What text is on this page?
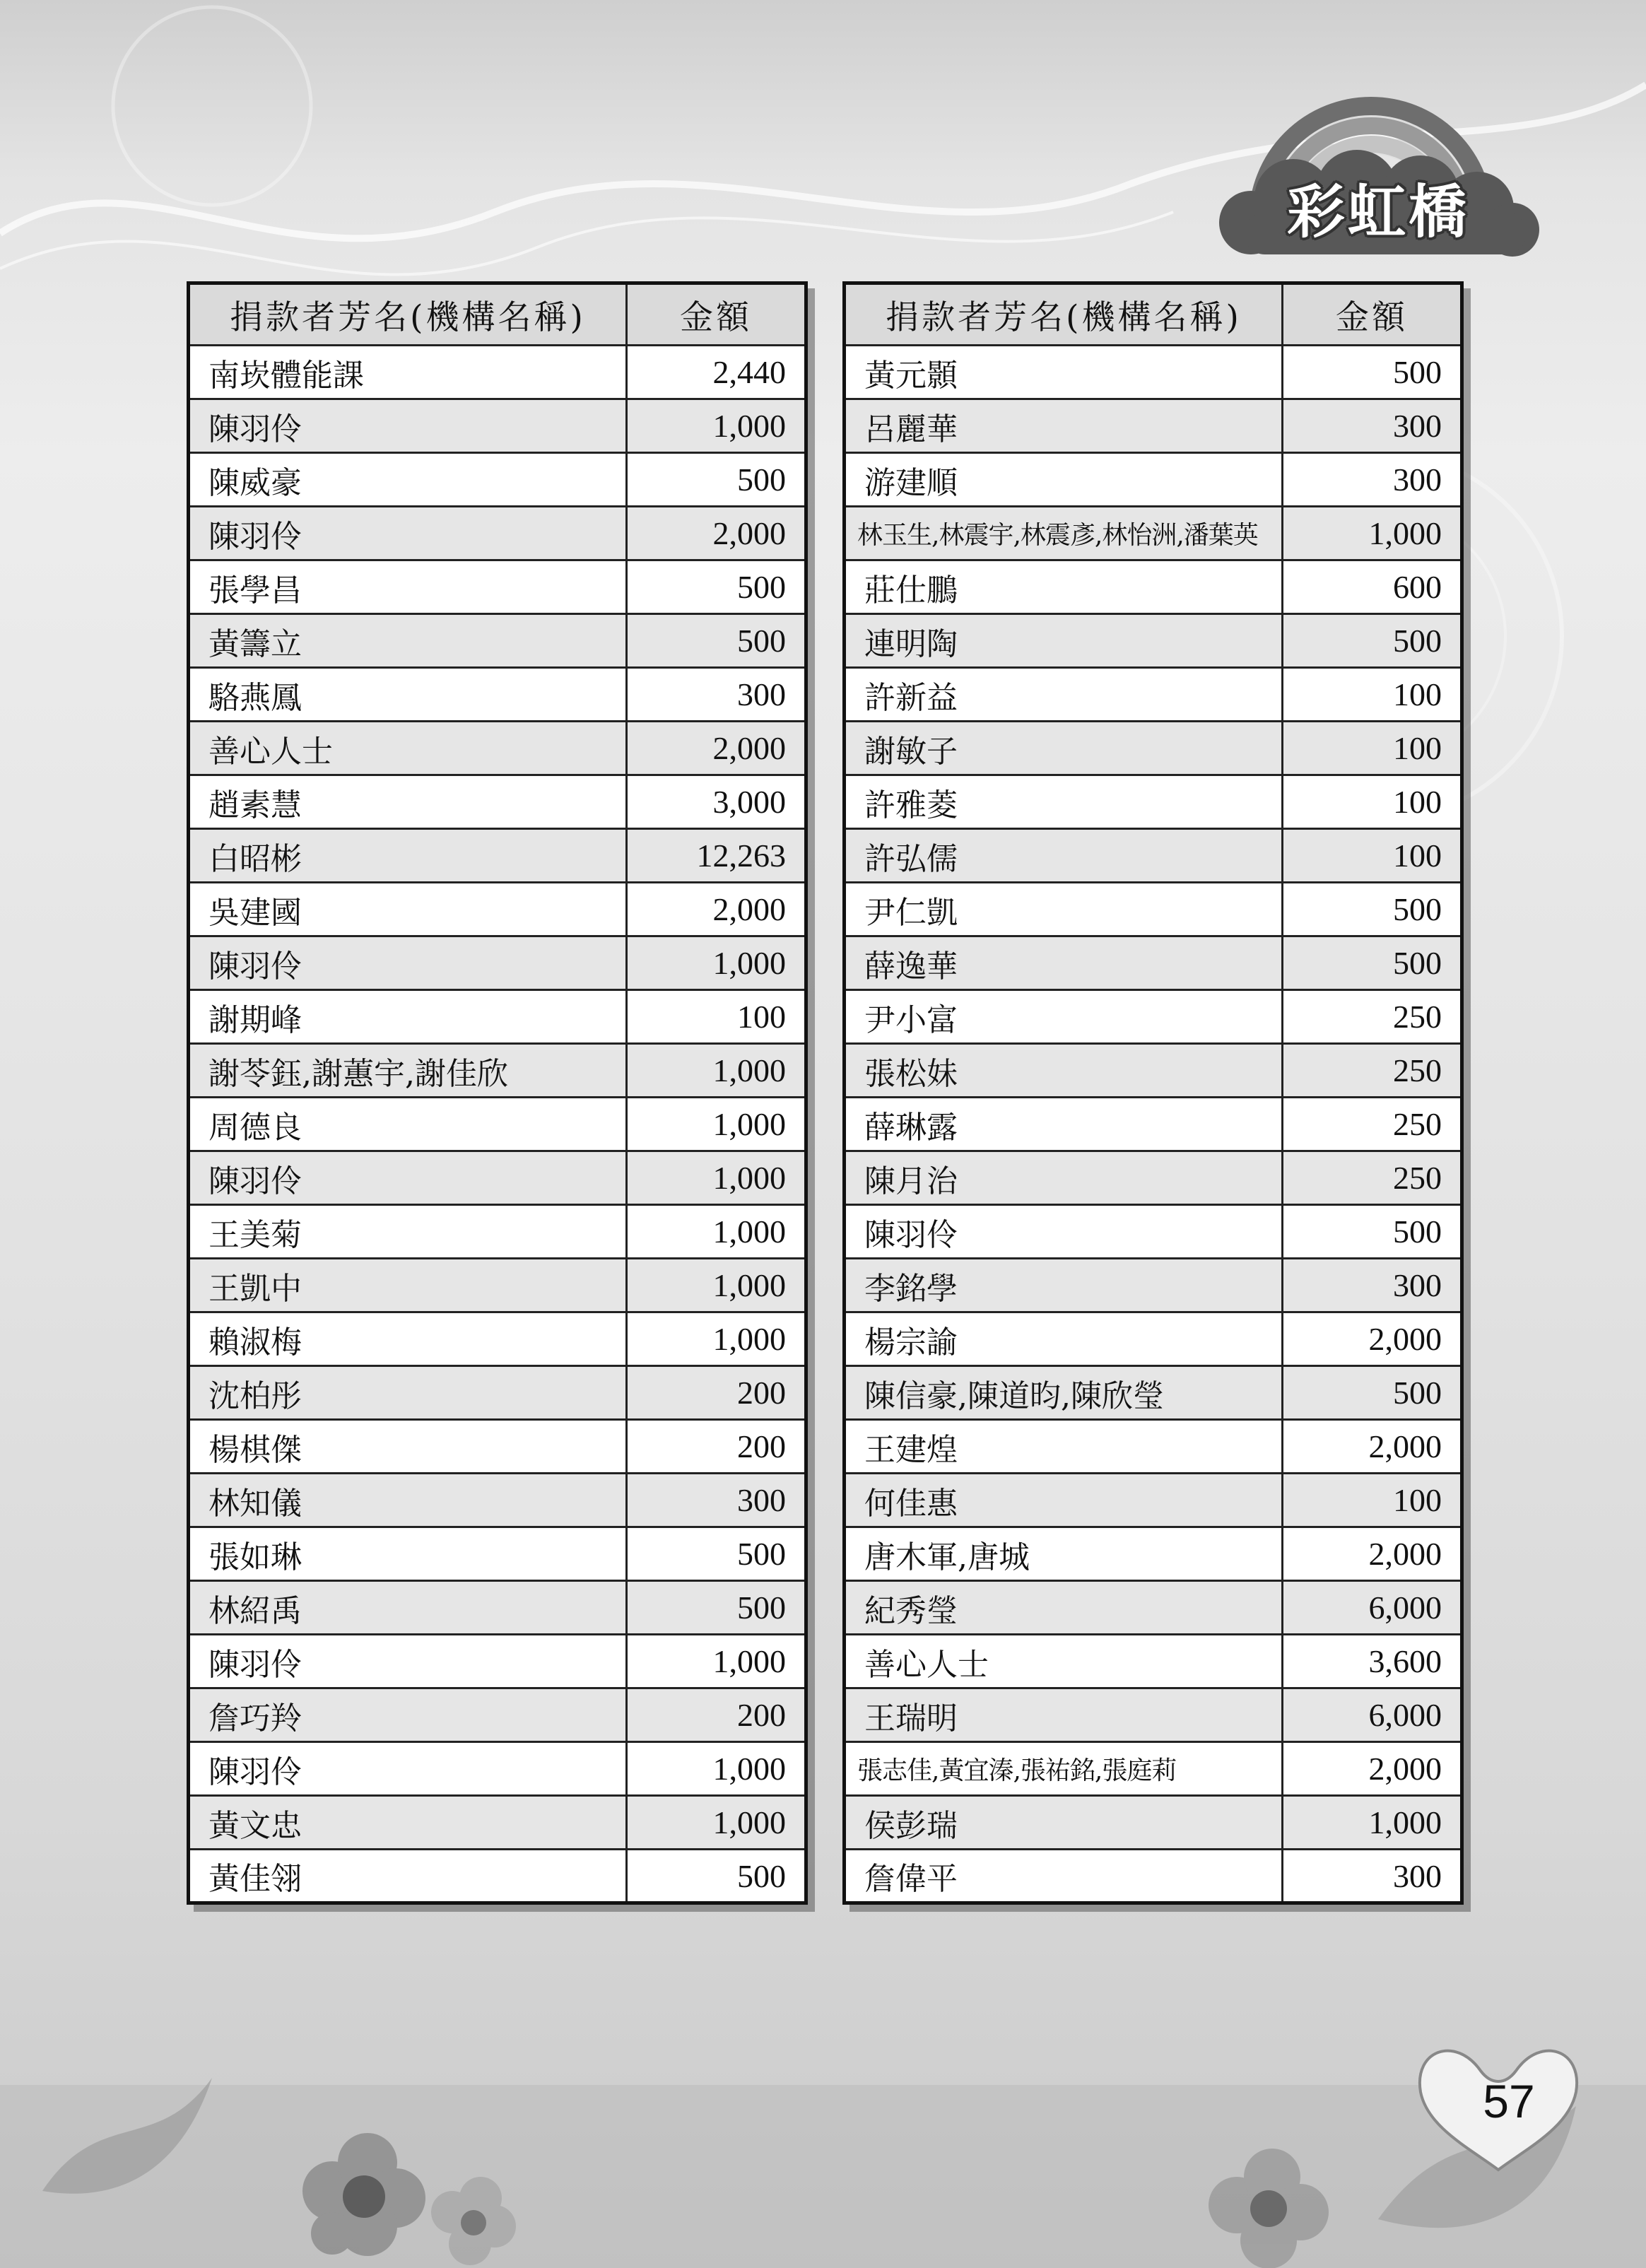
彩虹橋
捐款者芳名(機構名稱)	金額
南崁體能課	2,440
陳羽伶	1,000
陳威豪	500
陳羽伶	2,000
張學昌	500
黃籌立	500
駱燕鳳	300
善心人士	2,000
趙素慧	3,000
白昭彬	12,263
吳建國	2,000
陳羽伶	1,000
謝期峰	100
謝苓鈺,謝蕙宇,謝佳欣	1,000
周德良	1,000
陳羽伶	1,000
王美菊	1,000
王凱中	1,000
賴淑梅	1,000
沈柏彤	200
楊棋傑	200
林知儀	300
張如琳	500
林紹禹	500
陳羽伶	1,000
詹巧羚	200
陳羽伶	1,000
黃文忠	1,000
黃佳翎	500
捐款者芳名(機構名稱)	金額
黃元顥	500
呂麗華	300
游建順	300
林玉生,林震宇,林震彥,林怡洲,潘葉英	1,000
莊仕鵬	600
連明陶	500
許新益	100
謝敏子	100
許雅菱	100
許弘儒	100
尹仁凱	500
薛逸華	500
尹小富	250
張松妹	250
薛琳露	250
陳月治	250
陳羽伶	500
李銘學	300
楊宗諭	2,000
陳信豪,陳道昀,陳欣瑩	500
王建煌	2,000
何佳惠	100
唐木軍,唐城	2,000
紀秀瑩	6,000
善心人士	3,600
王瑞明	6,000
張志佳,黃宜溱,張祐銘,張庭莉	2,000
侯彭瑞	1,000
詹偉平	300
57
